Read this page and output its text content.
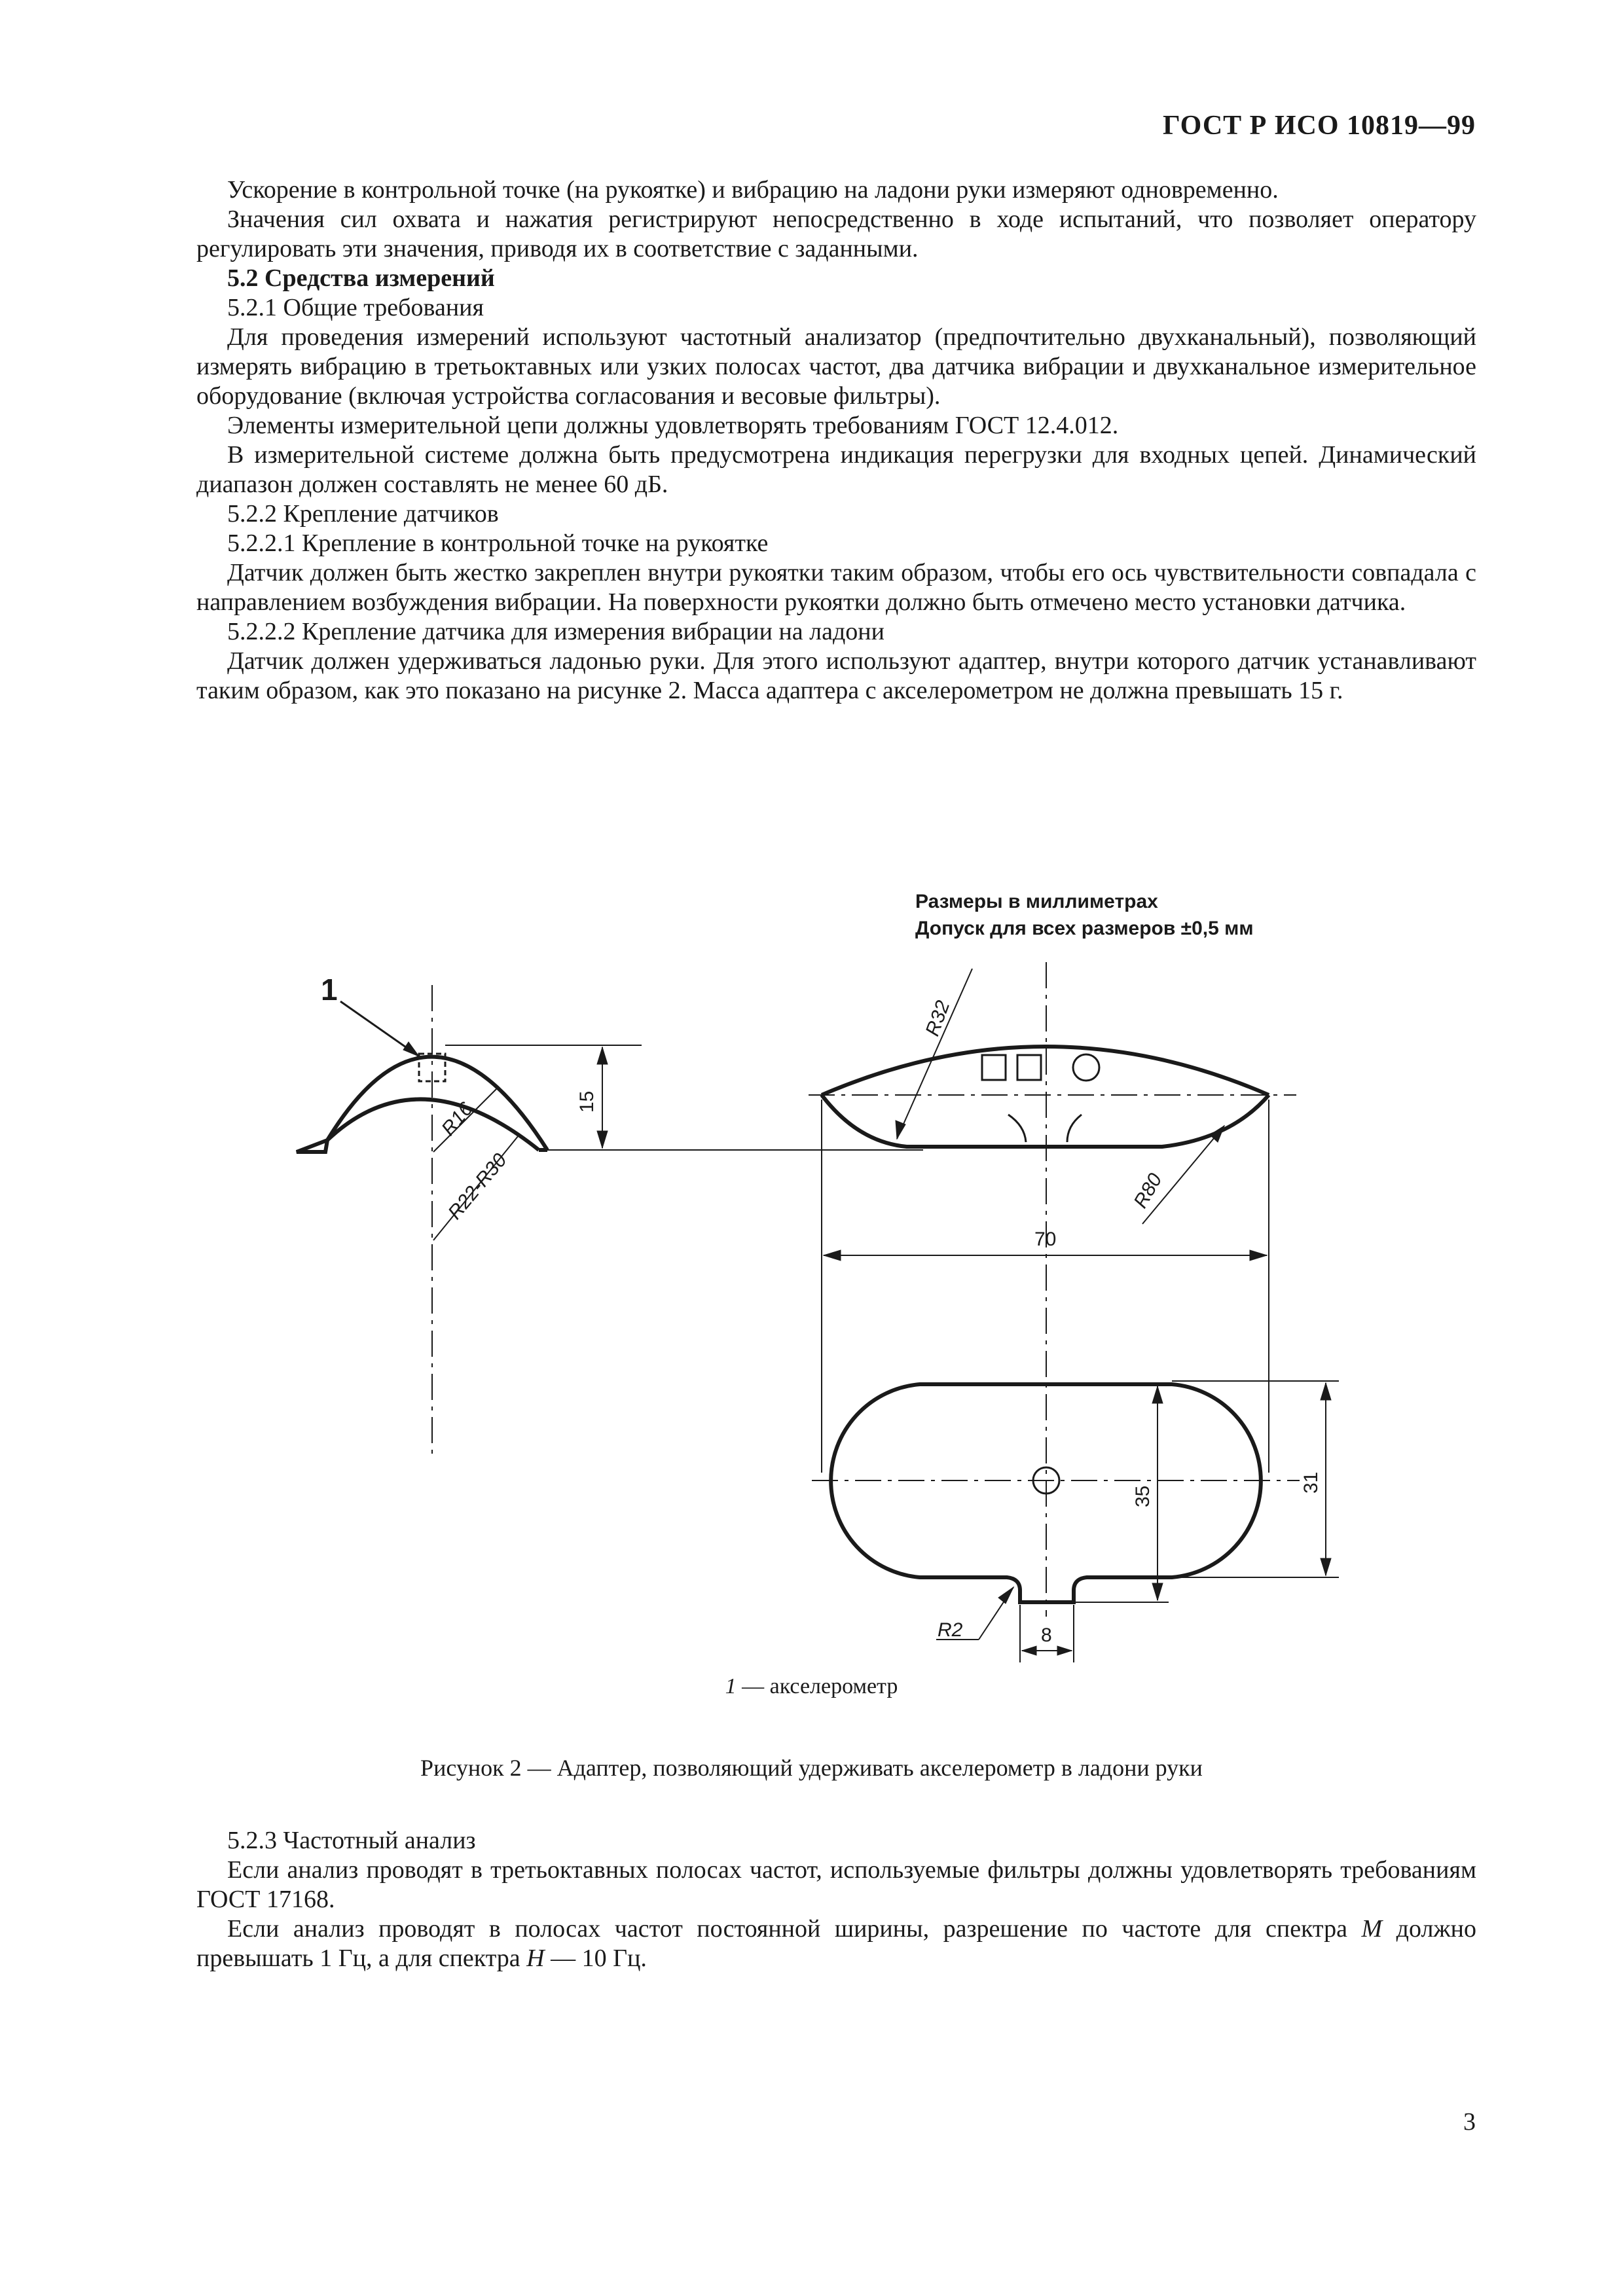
ГОСТ Р ИСО 10819—99

Ускорение в контрольной точке (на рукоятке) и вибрацию на ладони руки измеряют одновременно.

Значения сил охвата и нажатия регистрируют непосредственно в ходе испытаний, что позволяет оператору регулировать эти значения, приводя их в соответствие с заданными.

5.2 Средства измерений

5.2.1 Общие требования

Для проведения измерений используют частотный анализатор (предпочтительно двухканальный), позволяющий измерять вибрацию в третьоктавных или узких полосах частот, два датчика вибрации и двухканальное измерительное оборудование (включая устройства согласования и весовые фильтры).

Элементы измерительной цепи должны удовлетворять требованиям ГОСТ 12.4.012.

В измерительной системе должна быть предусмотрена индикация перегрузки для входных цепей. Динамический диапазон должен составлять не менее 60 дБ.

5.2.2 Крепление датчиков

5.2.2.1 Крепление в контрольной точке на рукоятке

Датчик должен быть жестко закреплен внутри рукоятки таким образом, чтобы его ось чувствительности совпадала с направлением возбуждения вибрации. На поверхности рукоятки должно быть отмечено место установки датчика.

5.2.2.2 Крепление датчика для измерения вибрации на ладони

Датчик должен удерживаться ладонью руки. Для этого используют адаптер, внутри которого датчик устанавливают таким образом, как это показано на рисунке 2. Масса адаптера с акселерометром не должна превышать 15 г.

Размеры в миллиметрах
Допуск для всех размеров ±0,5 мм
1
R16
R22-R30
15
R32
R80
70
31
35
R2	8
1 — акселерометр
Рисунок 2 — Адаптер, позволяющий удерживать акселерометр в ладони руки

5.2.3 Частотный анализ

Если анализ проводят в третьоктавных полосах частот, используемые фильтры должны удовлетворять требованиям ГОСТ 17168.

Если анализ проводят в полосах частот постоянной ширины, разрешение по частоте для спектра M должно превышать 1 Гц, а для спектра H — 10 Гц.

3
